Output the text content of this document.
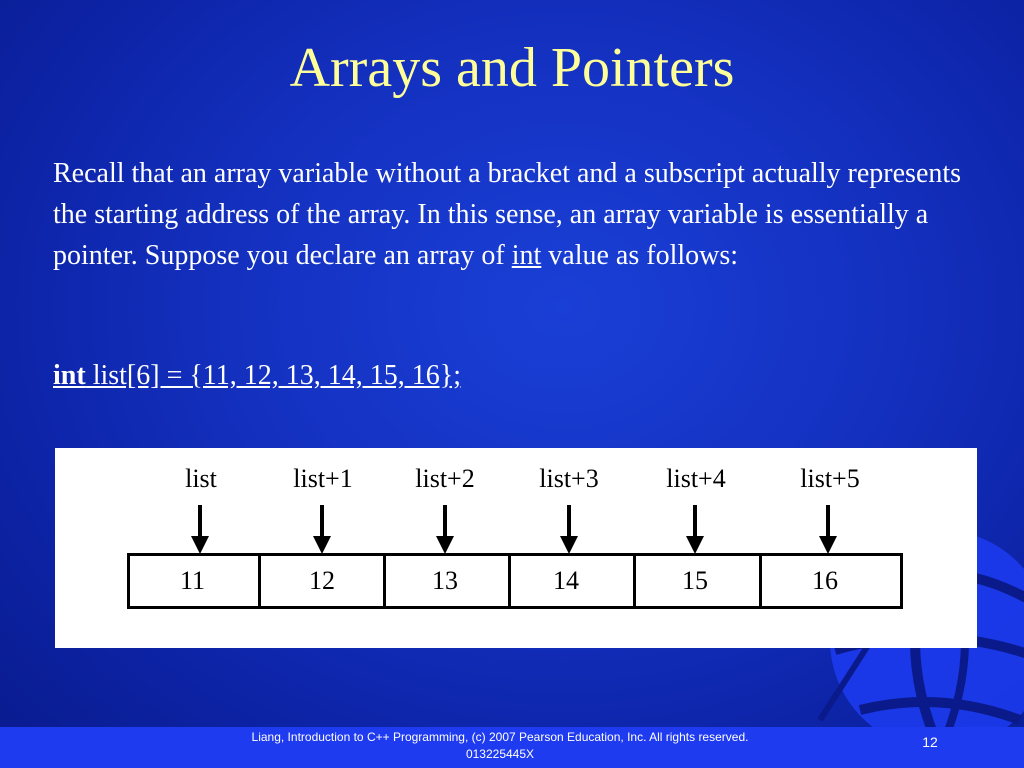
Arrays and Pointers
Recall that an array variable without a bracket and a subscript actually represents the starting address of the array. In this sense, an array variable is essentially a pointer. Suppose you declare an array of int value as follows:
int list[6] = {11, 12, 13, 14, 15, 16};
list	list+1	list+2	list+3	list+4	list+5
11	12	13	14	15	16
Liang, Introduction to C++ Programming, (c) 2007 Pearson Education, Inc. All rights reserved.
013225445X
12
